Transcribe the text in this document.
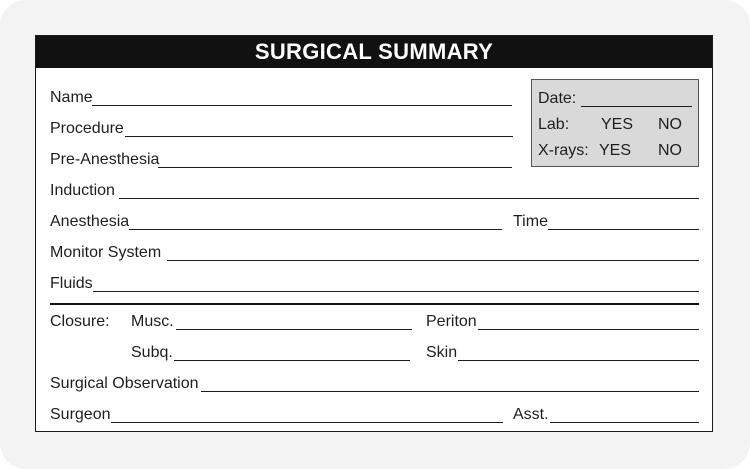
SURGICAL SUMMARY
Date:
Lab: YES NO
X-rays: YES NO
Name
Procedure
Pre-Anesthesia
Induction
Anesthesia	Time
Monitor System
Fluids
Closure: Musc.	Periton
Subq.	Skin
Surgical Observation
Surgeon	Asst.
